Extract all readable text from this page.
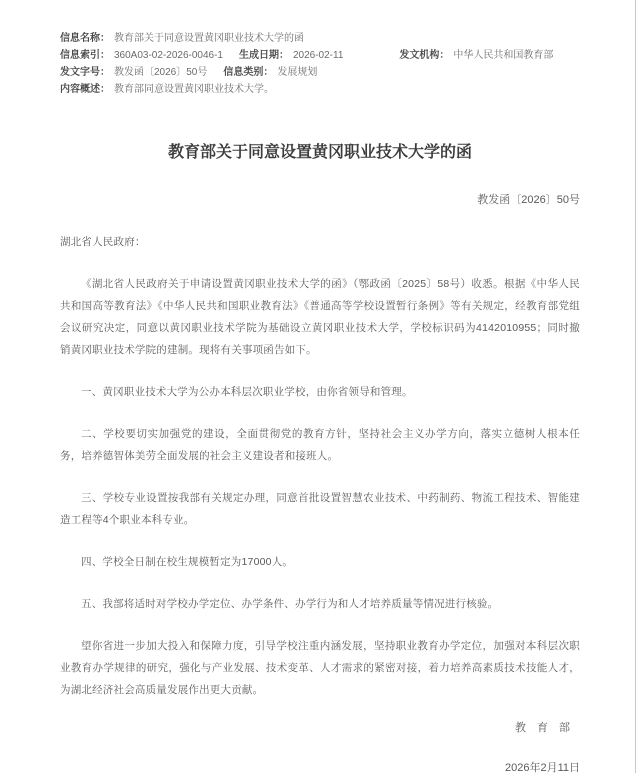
信息名称： 教育部关于同意设置黄冈职业技术大学的函
信息索引： 360A03-02-2026-0046-1 生成日期： 2026-02-11	发文机构： 中华人民共和国教育部
发文字号： 教发函〔2026〕50号 信息类别： 发展规划
内容概述： 教育部同意设置黄冈职业技术大学。
教育部关于同意设置黄冈职业技术大学的函
教发函〔2026〕50号
湖北省人民政府：

《湖北省人民政府关于申请设置黄冈职业技术大学的函》（鄂政函〔2025〕58号）收悉。根据《中华人民共和国高等教育法》《中华人民共和国职业教育法》《普通高等学校设置暂行条例》等有关规定，经教育部党组会议研究决定，同意以黄冈职业技术学院为基础设立黄冈职业技术大学，学校标识码为4142010955；同时撤销黄冈职业技术学院的建制。现将有关事项函告如下。

一、黄冈职业技术大学为公办本科层次职业学校，由你省领导和管理。

二、学校要切实加强党的建设，全面贯彻党的教育方针，坚持社会主义办学方向，落实立德树人根本任务，培养德智体美劳全面发展的社会主义建设者和接班人。

三、学校专业设置按我部有关规定办理，同意首批设置智慧农业技术、中药制药、物流工程技术、智能建造工程等4个职业本科专业。

四、学校全日制在校生规模暂定为17000人。

五、我部将适时对学校办学定位、办学条件、办学行为和人才培养质量等情况进行核验。

望你省进一步加大投入和保障力度，引导学校注重内涵发展，坚持职业教育办学定位，加强对本科层次职业教育办学规律的研究，强化与产业发展、技术变革、人才需求的紧密对接，着力培养高素质技术技能人才，为湖北经济社会高质量发展作出更大贡献。

教　育　部
2026年2月11日
